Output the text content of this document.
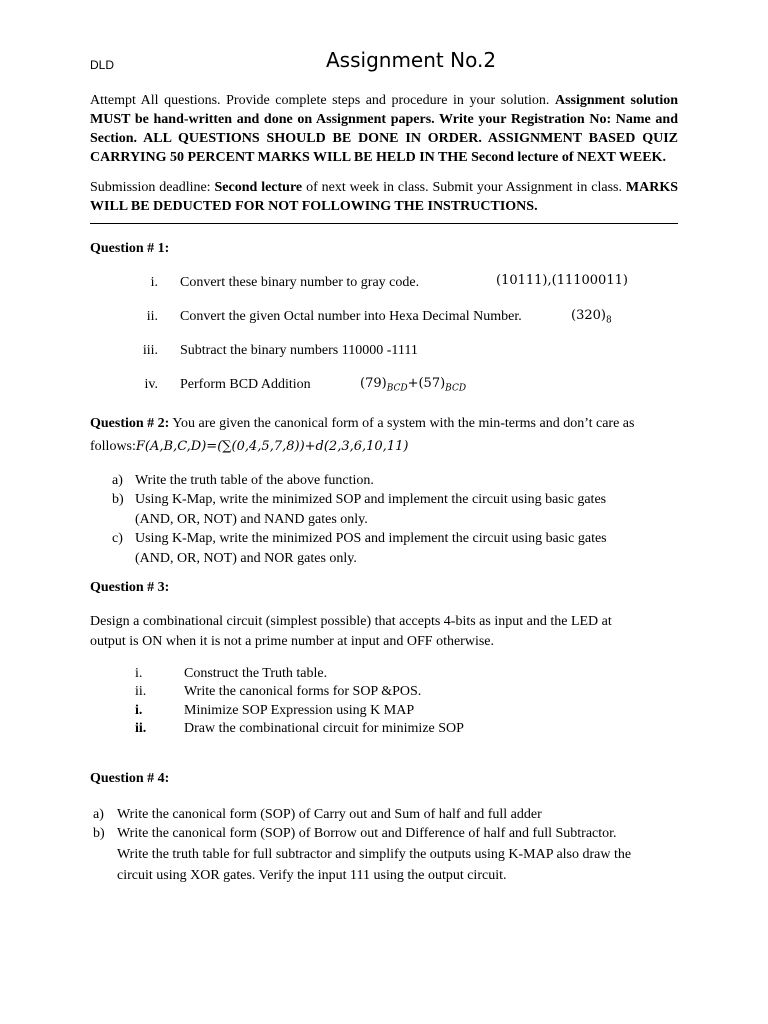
DLD	Assignment No.2
Attempt All questions. Provide complete steps and procedure in your solution. Assignment solution MUST be hand-written and done on Assignment papers. Write your Registration No: Name and Section. ALL QUESTIONS SHOULD BE DONE IN ORDER. ASSIGNMENT BASED QUIZ CARRYING 50 PERCENT MARKS WILL BE HELD IN THE Second lecture of NEXT WEEK.
Submission deadline: Second lecture of next week in class. Submit your Assignment in class. MARKS WILL BE DEDUCTED FOR NOT FOLLOWING THE INSTRUCTIONS.
Question # 1:
i. Convert these binary number to gray code.	(10111),(11100011)
ii. Convert the given Octal number into Hexa Decimal Number.	$(320)_8$
iii. Subtract the binary numbers 110000 -1111
iv. Perform BCD Addition	$(79)_{BCD}+(57)_{BCD}$
Question # 2: You are given the canonical form of a system with the min-terms and don’t care as follows:F(A,B,C,D)=(∑(0,4,5,7,8))+d(2,3,6,10,11)
a) Write the truth table of the above function.
b) Using K-Map, write the minimized SOP and implement the circuit using basic gates
(AND, OR, NOT) and NAND gates only.
c) Using K-Map, write the minimized POS and implement the circuit using basic gates
(AND, OR, NOT) and NOR gates only.
Question # 3:
Design a combinational circuit (simplest possible) that accepts 4-bits as input and the LED at
output is ON when it is not a prime number at input and OFF otherwise.
i.	Construct the Truth table.
ii.	Write the canonical forms for SOP &POS.
i.	Minimize SOP Expression using K MAP
ii.	Draw the combinational circuit for minimize SOP
Question # 4:
a) Write the canonical form (SOP) of Carry out and Sum of half and full adder
b) Write the canonical form (SOP) of Borrow out and Difference of half and full Subtractor.
Write the truth table for full subtractor and simplify the outputs using K-MAP also draw the
circuit using XOR gates. Verify the input 111 using the output circuit.
